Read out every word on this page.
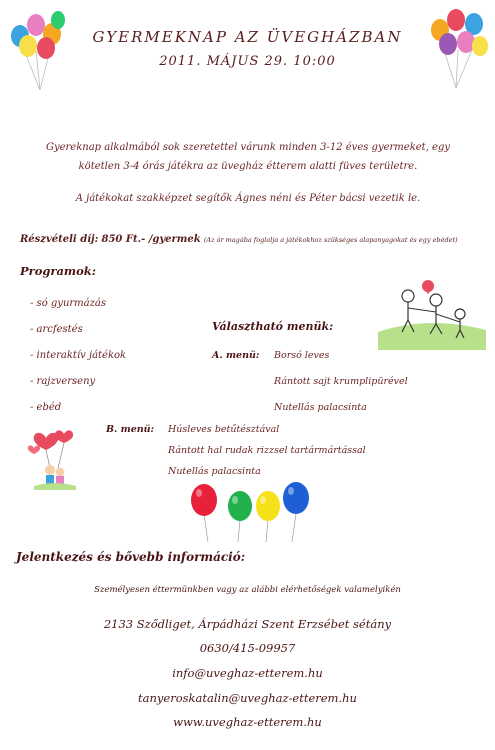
GYERMEKNAP AZ ÜVEGHÁZBAN
2011. MÁJUS 29. 10:00
Gyereknap alkalmából sok szeretettel várunk minden 3-12 éves gyermeket, egy
kötetlen 3-4 órás játékra az üvegház étterem alatti füves területre.
A játékokat szakképzet segítők Ágnes néni és Péter bácsi vezetik le.
Részvételi díj: 850 Ft.- /gyermek (Az ár magába foglalja a játékokhoz szükséges alapanyagokat és egy ebédet)
Programok:
- só gyurmázás
- arcfestés
- interaktív játékok
- rajzverseny
- ebéd
Választható menük:
A. menü: Borsó leves
Rántott sajt krumplipürével
Nutellás palacsinta
B. menü: Húsleves betűtésztával
Rántott hal rudak rizzsel tartármártással
Nutellás palacsinta
Jelentkezés és bővebb információ:
Személyesen éttermünkben vagy az alábbi elérhetőségek valamelyikén
2133 Sződliget, Árpádházi Szent Erzsébet sétány
0630/415-09957
info@uveghaz-etterem.hu
tanyeroskatalin@uveghaz-etterem.hu
www.uveghaz-etterem.hu
